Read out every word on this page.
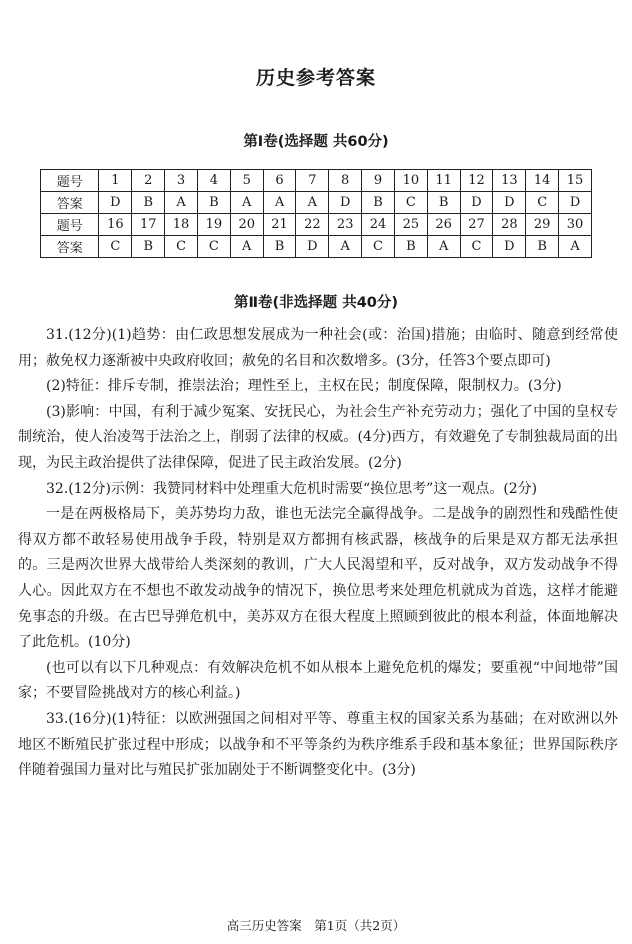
历史参考答案
第Ⅰ卷(选择题 共60分)
题号	1	2	3	4	5	6	7	8	9	10	11	12	13	14	15
答案	D	B	A	B	A	A	A	D	B	C	B	D	D	C	D
题号	16	17	18	19	20	21	22	23	24	25	26	27	28	29	30
答案	C	B	C	C	A	B	D	A	C	B	A	C	D	B	A
第Ⅱ卷(非选择题 共40分)

31.(12分)(1)趋势：由仁政思想发展成为一种社会(或：治国)措施；由临时、随意到经常使用；赦免权力逐渐被中央政府收回；赦免的名目和次数增多。(3分，任答3个要点即可)

(2)特征：排斥专制，推崇法治；理性至上，主权在民；制度保障，限制权力。(3分)

(3)影响：中国，有利于减少冤案、安抚民心，为社会生产补充劳动力；强化了中国的皇权专制统治，使人治凌驾于法治之上，削弱了法律的权威。(4分)西方，有效避免了专制独裁局面的出现，为民主政治提供了法律保障，促进了民主政治发展。(2分)

32.(12分)示例：我赞同材料中处理重大危机时需要“换位思考”这一观点。(2分)

一是在两极格局下，美苏势均力敌，谁也无法完全赢得战争。二是战争的剧烈性和残酷性使得双方都不敢轻易使用战争手段，特别是双方都拥有核武器，核战争的后果是双方都无法承担的。三是两次世界大战带给人类深刻的教训，广大人民渴望和平，反对战争，双方发动战争不得人心。因此双方在不想也不敢发动战争的情况下，换位思考来处理危机就成为首选，这样才能避免事态的升级。在古巴导弹危机中，美苏双方在很大程度上照顾到彼此的根本利益，体面地解决了此危机。(10分)

(也可以有以下几种观点：有效解决危机不如从根本上避免危机的爆发；要重视“中间地带”国家；不要冒险挑战对方的核心利益。)

33.(16分)(1)特征：以欧洲强国之间相对平等、尊重主权的国家关系为基础；在对欧洲以外地区不断殖民扩张过程中形成；以战争和不平等条约为秩序维系手段和基本象征；世界国际秩序伴随着强国力量对比与殖民扩张加剧处于不断调整变化中。(3分)

高三历史答案　第1页（共2页）
